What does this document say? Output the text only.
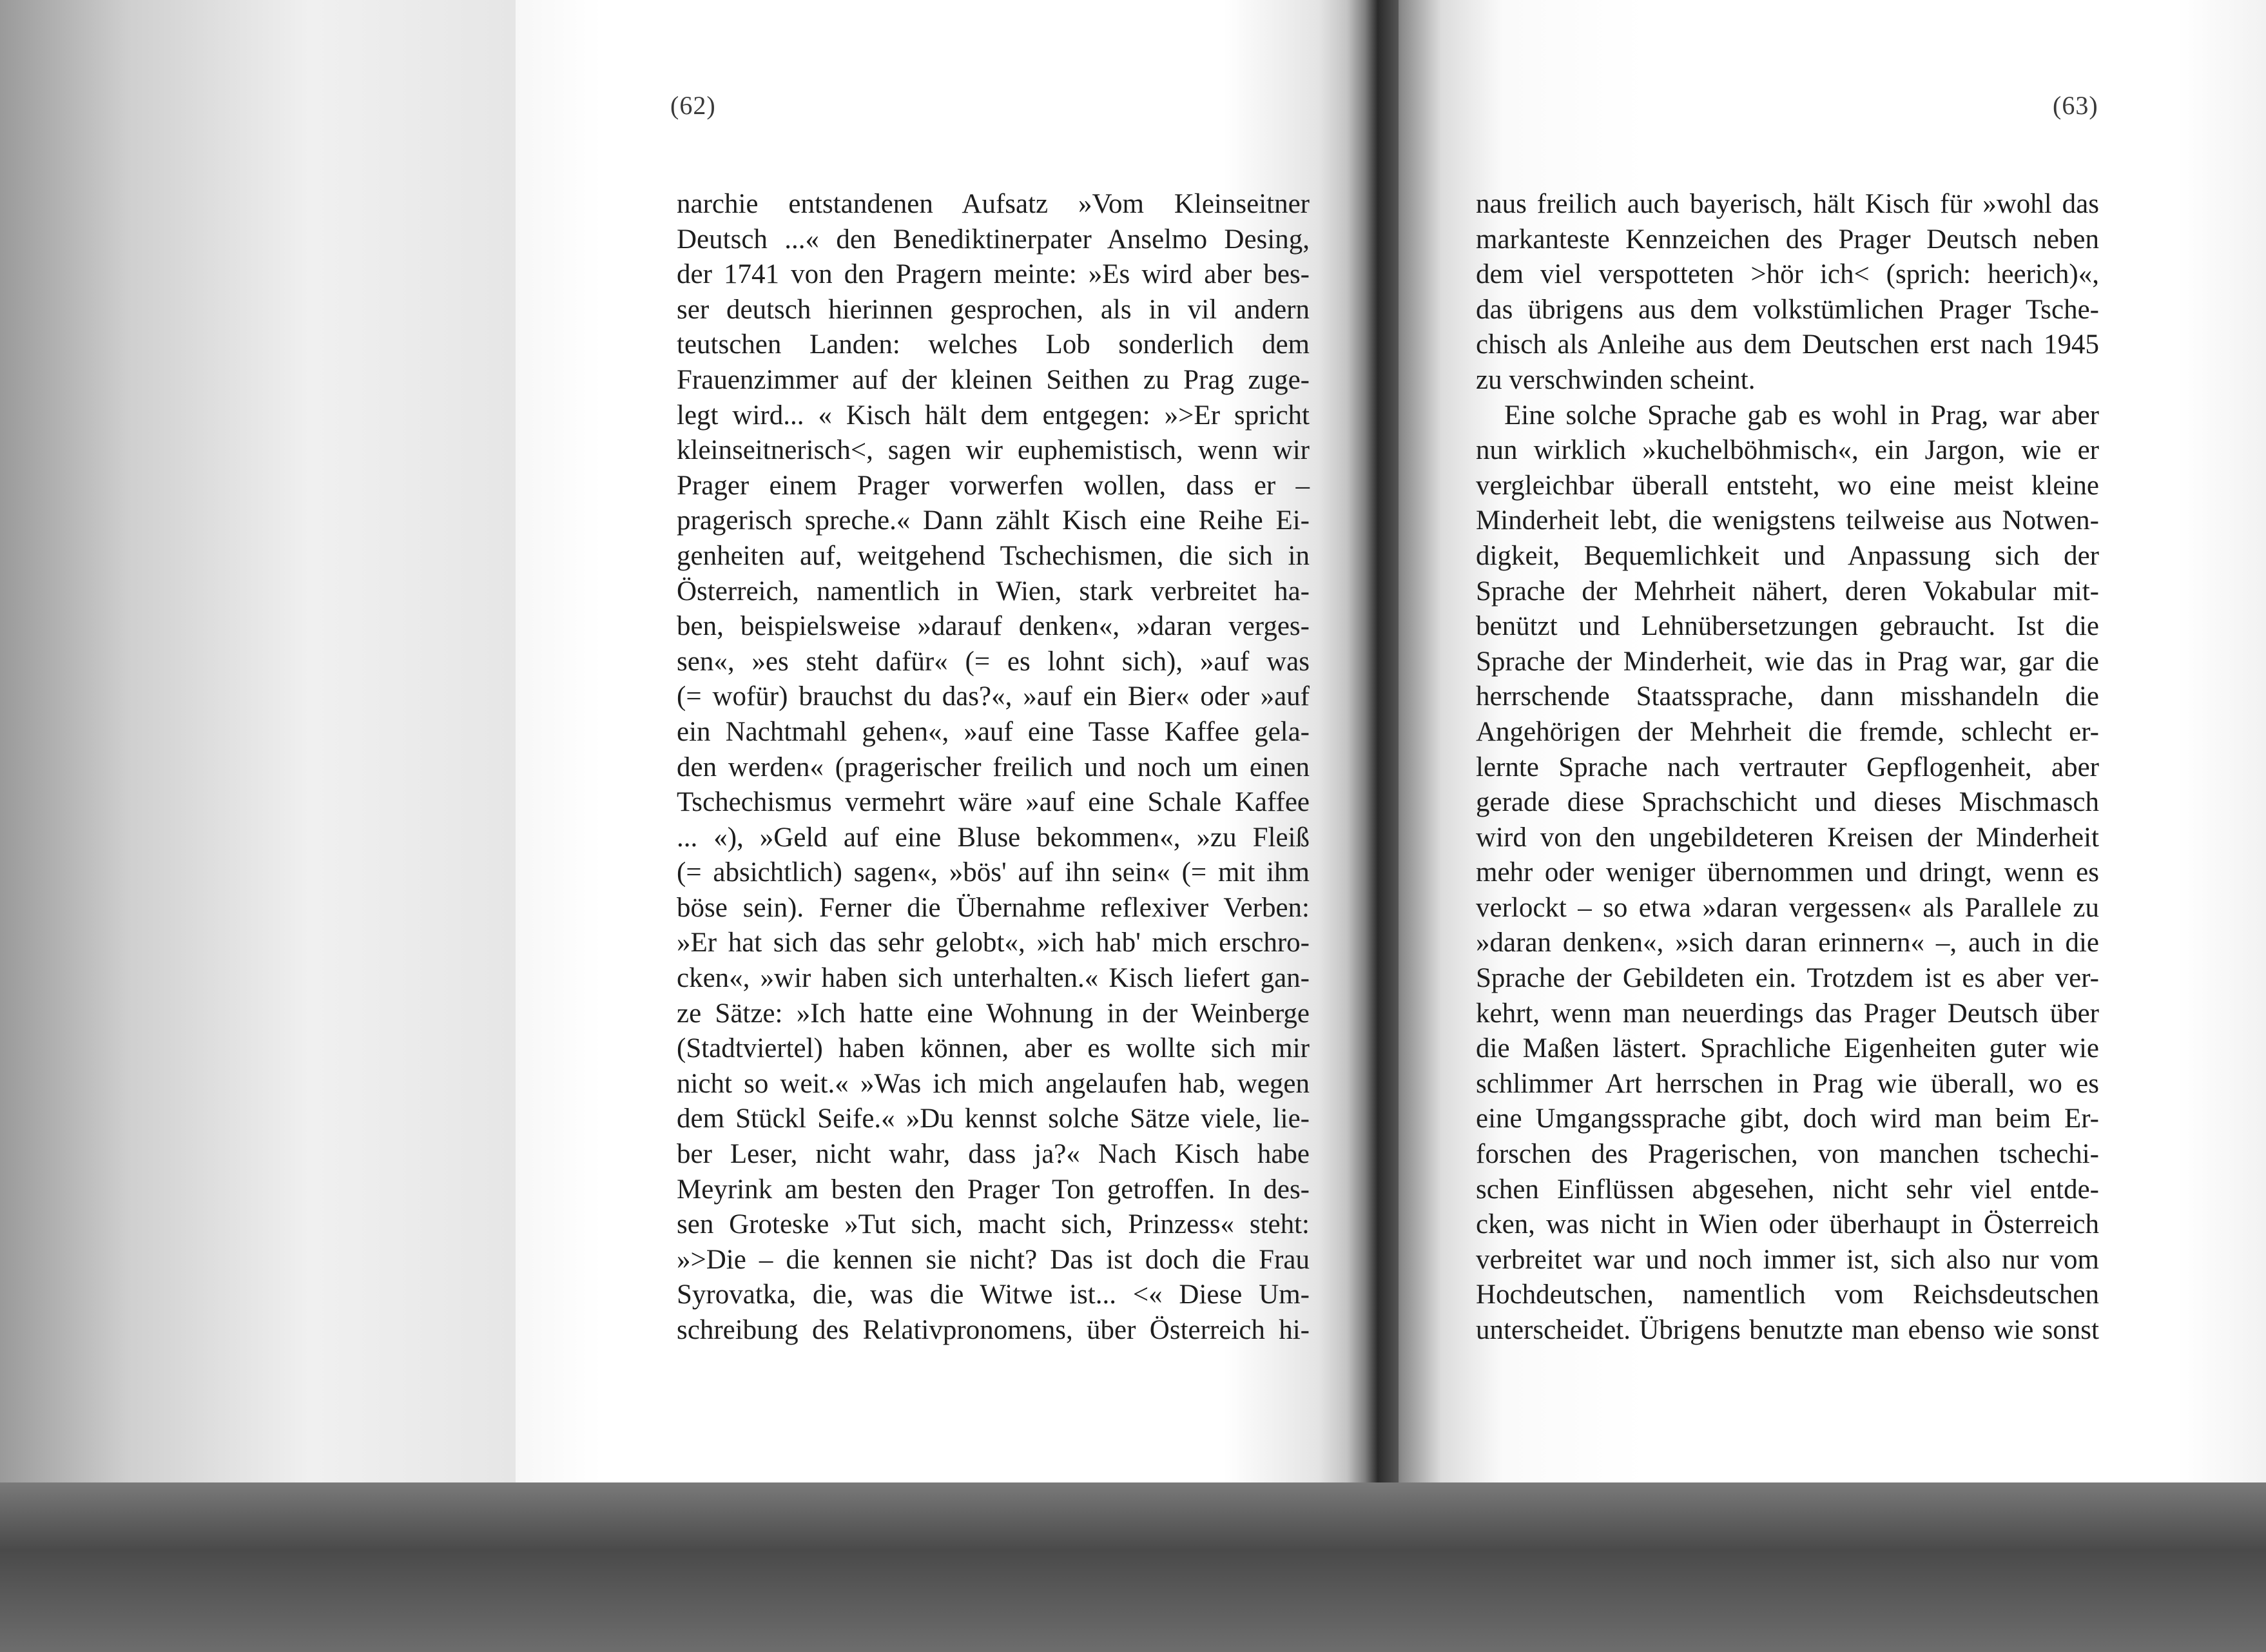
(62)	(63)
narchie entstandenen Aufsatz »Vom Kleinseitner
Deutsch ...« den Benediktinerpater Anselmo Desing,
der 1741 von den Pragern meinte: »Es wird aber bes-
ser deutsch hierinnen gesprochen, als in vil andern
teutschen Landen: welches Lob sonderlich dem
Frauenzimmer auf der kleinen Seithen zu Prag zuge-
legt wird... « Kisch hält dem entgegen: »>Er spricht
kleinseitnerisch<, sagen wir euphemistisch, wenn wir
Prager einem Prager vorwerfen wollen, dass er –
pragerisch spreche.« Dann zählt Kisch eine Reihe Ei-
genheiten auf, weitgehend Tschechismen, die sich in
Österreich, namentlich in Wien, stark verbreitet ha-
ben, beispielsweise »darauf denken«, »daran verges-
sen«, »es steht dafür« (= es lohnt sich), »auf was
(= wofür) brauchst du das?«, »auf ein Bier« oder »auf
ein Nachtmahl gehen«, »auf eine Tasse Kaffee gela-
den werden« (pragerischer freilich und noch um einen
Tschechismus vermehrt wäre »auf eine Schale Kaffee
... «), »Geld auf eine Bluse bekommen«, »zu Fleiß
(= absichtlich) sagen«, »bös' auf ihn sein« (= mit ihm
böse sein). Ferner die Übernahme reflexiver Verben:
»Er hat sich das sehr gelobt«, »ich hab' mich erschro-
cken«, »wir haben sich unterhalten.« Kisch liefert gan-
ze Sätze: »Ich hatte eine Wohnung in der Weinberge
(Stadtviertel) haben können, aber es wollte sich mir
nicht so weit.« »Was ich mich angelaufen hab, wegen
dem Stückl Seife.« »Du kennst solche Sätze viele, lie-
ber Leser, nicht wahr, dass ja?« Nach Kisch habe
Meyrink am besten den Prager Ton getroffen. In des-
sen Groteske »Tut sich, macht sich, Prinzess« steht:
»>Die – die kennen sie nicht? Das ist doch die Frau
Syrovatka, die, was die Witwe ist... <« Diese Um-
schreibung des Relativpronomens, über Österreich hi-
naus freilich auch bayerisch, hält Kisch für »wohl das
markanteste Kennzeichen des Prager Deutsch neben
dem viel verspotteten >hör ich< (sprich: heerich)«,
das übrigens aus dem volkstümlichen Prager Tsche-
chisch als Anleihe aus dem Deutschen erst nach 1945
zu verschwinden scheint.
Eine solche Sprache gab es wohl in Prag, war aber
nun wirklich »kuchelböhmisch«, ein Jargon, wie er
vergleichbar überall entsteht, wo eine meist kleine
Minderheit lebt, die wenigstens teilweise aus Notwen-
digkeit, Bequemlichkeit und Anpassung sich der
Sprache der Mehrheit nähert, deren Vokabular mit-
benützt und Lehnübersetzungen gebraucht. Ist die
Sprache der Minderheit, wie das in Prag war, gar die
herrschende Staatssprache, dann misshandeln die
Angehörigen der Mehrheit die fremde, schlecht er-
lernte Sprache nach vertrauter Gepflogenheit, aber
gerade diese Sprachschicht und dieses Mischmasch
wird von den ungebildeteren Kreisen der Minderheit
mehr oder weniger übernommen und dringt, wenn es
verlockt – so etwa »daran vergessen« als Parallele zu
»daran denken«, »sich daran erinnern« –, auch in die
Sprache der Gebildeten ein. Trotzdem ist es aber ver-
kehrt, wenn man neuerdings das Prager Deutsch über
die Maßen lästert. Sprachliche Eigenheiten guter wie
schlimmer Art herrschen in Prag wie überall, wo es
eine Umgangssprache gibt, doch wird man beim Er-
forschen des Pragerischen, von manchen tschechi-
schen Einflüssen abgesehen, nicht sehr viel entde-
cken, was nicht in Wien oder überhaupt in Österreich
verbreitet war und noch immer ist, sich also nur vom
Hochdeutschen, namentlich vom Reichsdeutschen
unterscheidet. Übrigens benutzte man ebenso wie sonst
